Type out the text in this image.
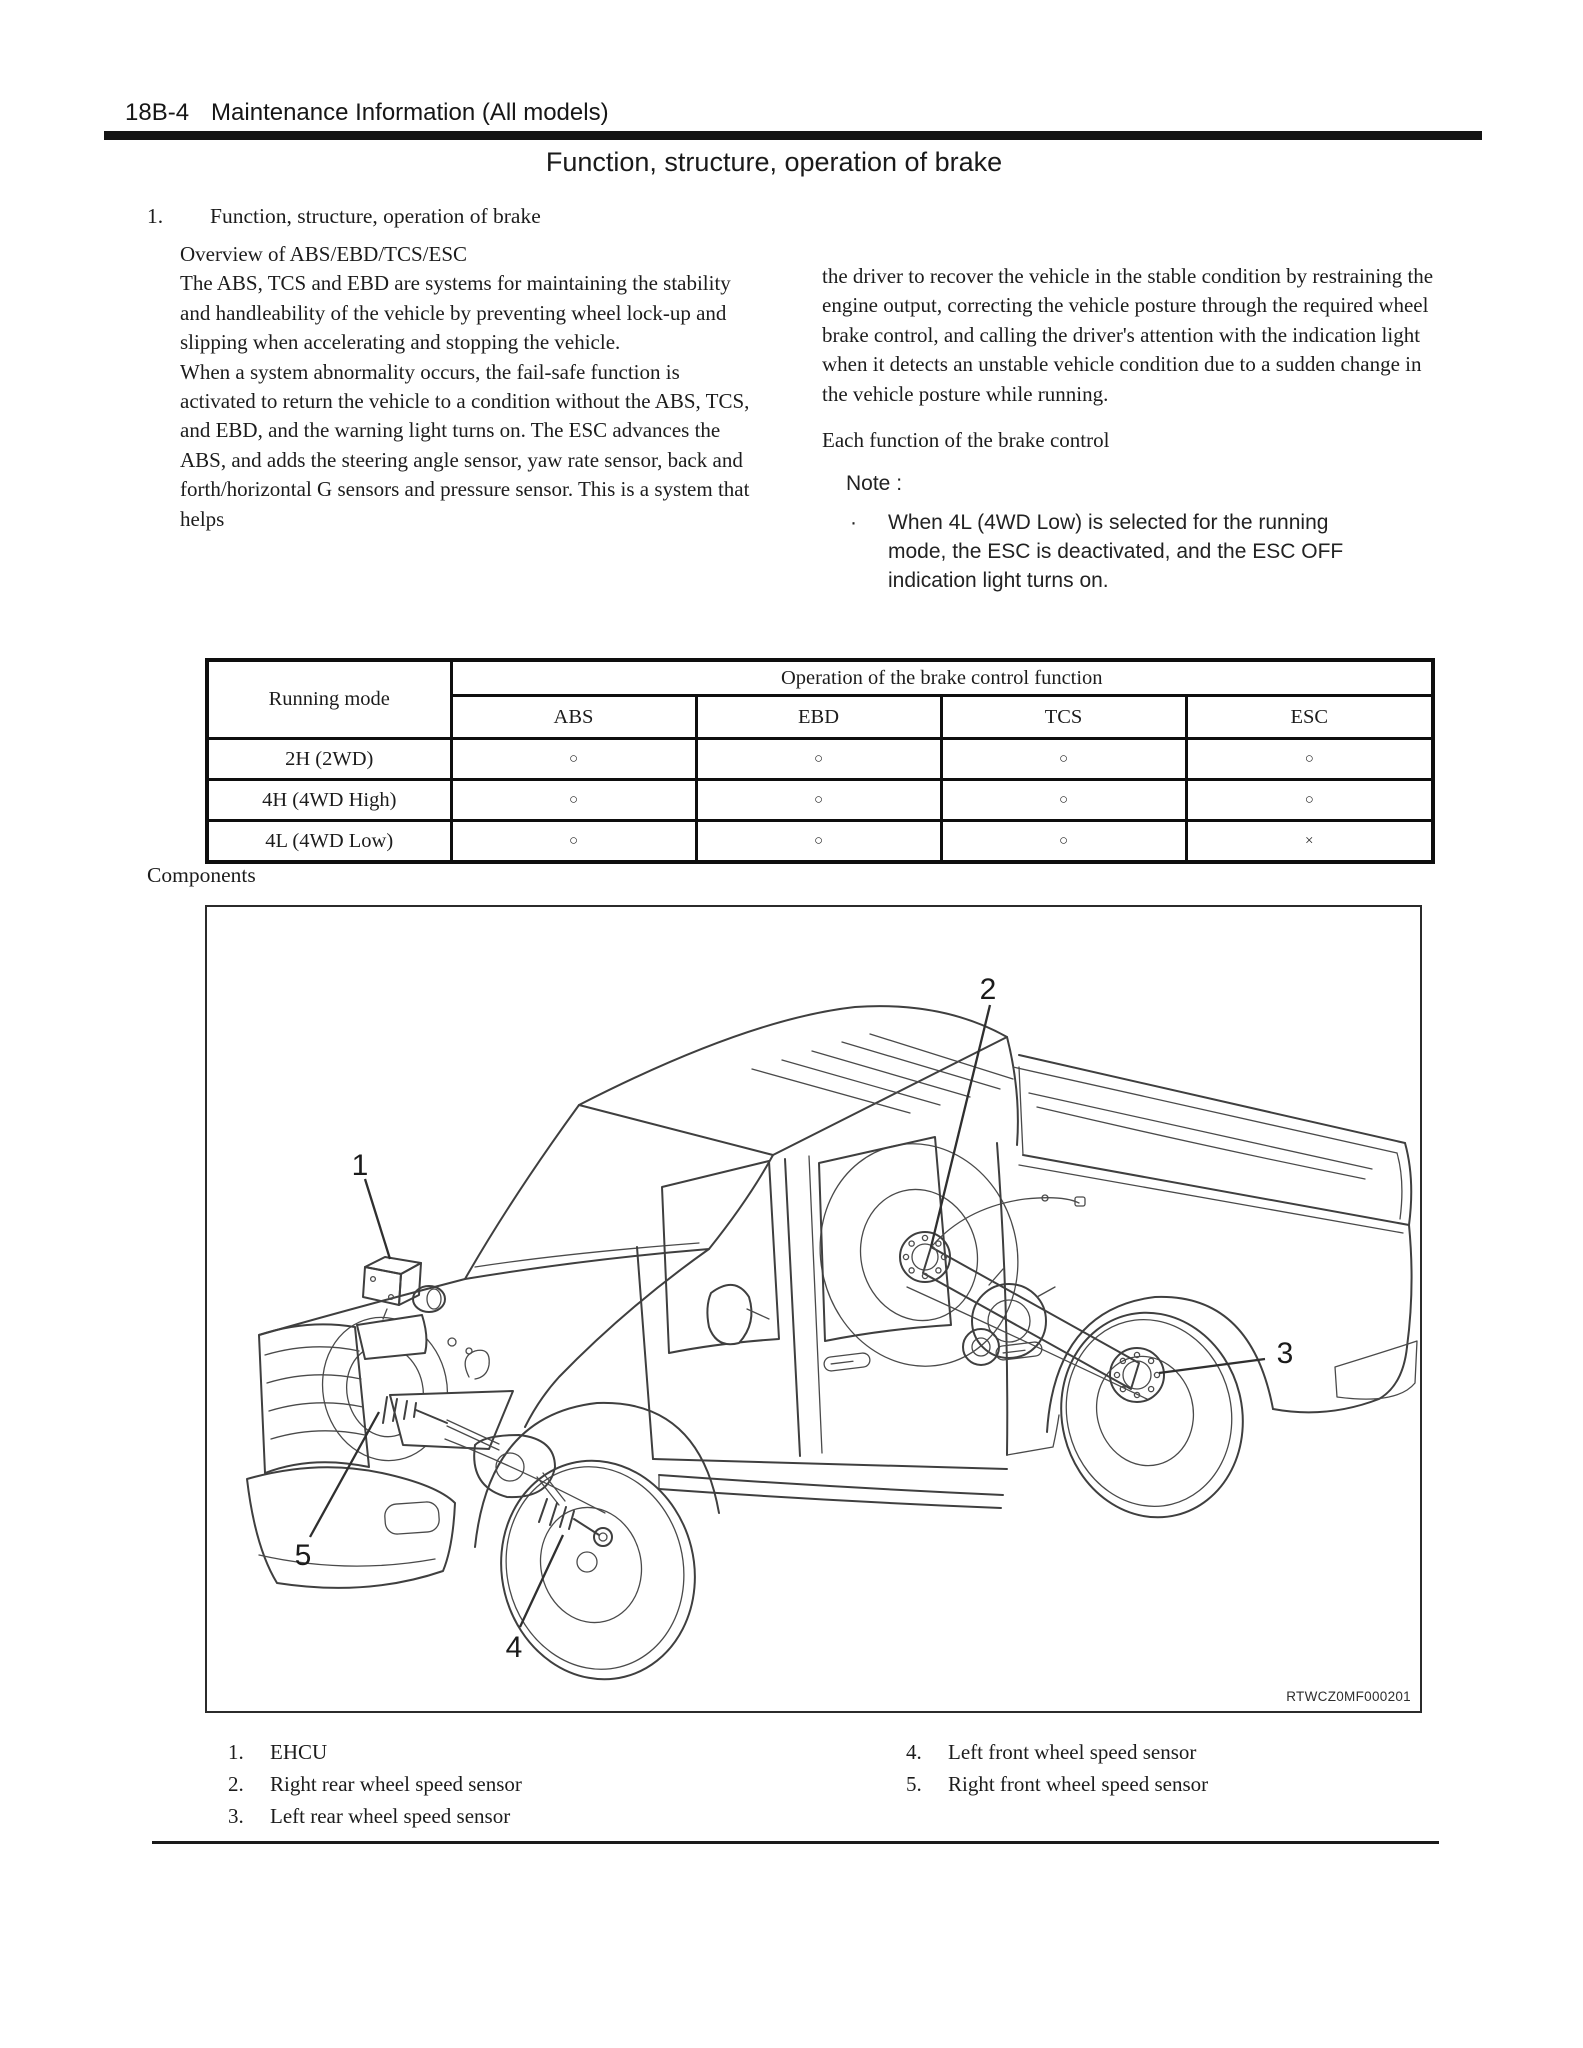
18B-4 Maintenance Information (All models)
Function, structure, operation of brake
1.	Function, structure, operation of brake
Overview of ABS/EBD/TCS/ESC
The ABS, TCS and EBD are systems for maintaining the stability and handleability of the vehicle by preventing wheel lock-up and slipping when accelerating and stopping the vehicle.
When a system abnormality occurs, the fail-safe function is activated to return the vehicle to a condition without the ABS, TCS, and EBD, and the warning light turns on. The ESC advances the ABS, and adds the steering angle sensor, yaw rate sensor, back and forth/horizontal G sensors and pressure sensor. This is a system that helps
the driver to recover the vehicle in the stable condition by restraining the engine output, correcting the vehicle posture through the required wheel brake control, and calling the driver's attention with the indication light when it detects an unstable vehicle condition due to a sudden change in the vehicle posture while running.
Each function of the brake control
Note :
·	When 4L (4WD Low) is selected for the running mode, the ESC is deactivated, and the ESC OFF indication light turns on.
Running mode	Operation of the brake control function			
	ABS	EBD	TCS	ESC
2H (2WD)	○	○	○	○
4H (4WD High)	○	○	○	○
4L (4WD Low)	○	○	○	×
Components
1
2
3
4
5
RTWCZ0MF000201
1.	EHCU
2.	Right rear wheel speed sensor
3.	Left rear wheel speed sensor
4.	Left front wheel speed sensor
5.	Right front wheel speed sensor
